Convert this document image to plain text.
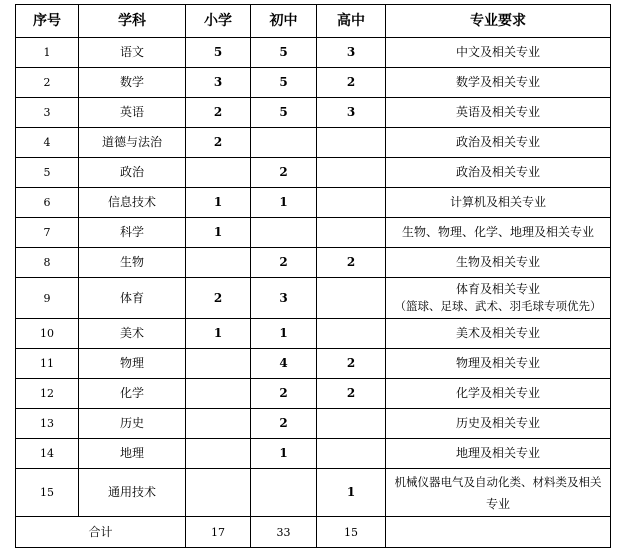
序号	学科	小学	初中	高中	专业要求
1	语文	5	5	3	中文及相关专业

2	数学	3	5	2	数学及相关专业

3	英语	2	5	3	英语及相关专业

4	道德与法治	2			政治及相关专业

5	政治		2		政治及相关专业

6	信息技术	1	1		计算机及相关专业

7	科学	1			生物、物理、化学、地理及相关专业

8	生物		2	2	生物及相关专业

9	体育	2	3		体育及相关专业
（篮球、足球、武术、羽毛球专项优先）

10	美术	1	1		美术及相关专业

11	物理		4	2	物理及相关专业

12	化学		2	2	化学及相关专业

13	历史		2		历史及相关专业

14	地理		1		地理及相关专业

15	通用技术			1	机械仪器电气及自动化类、材料类及相关
专业

合计		17	33	15	
